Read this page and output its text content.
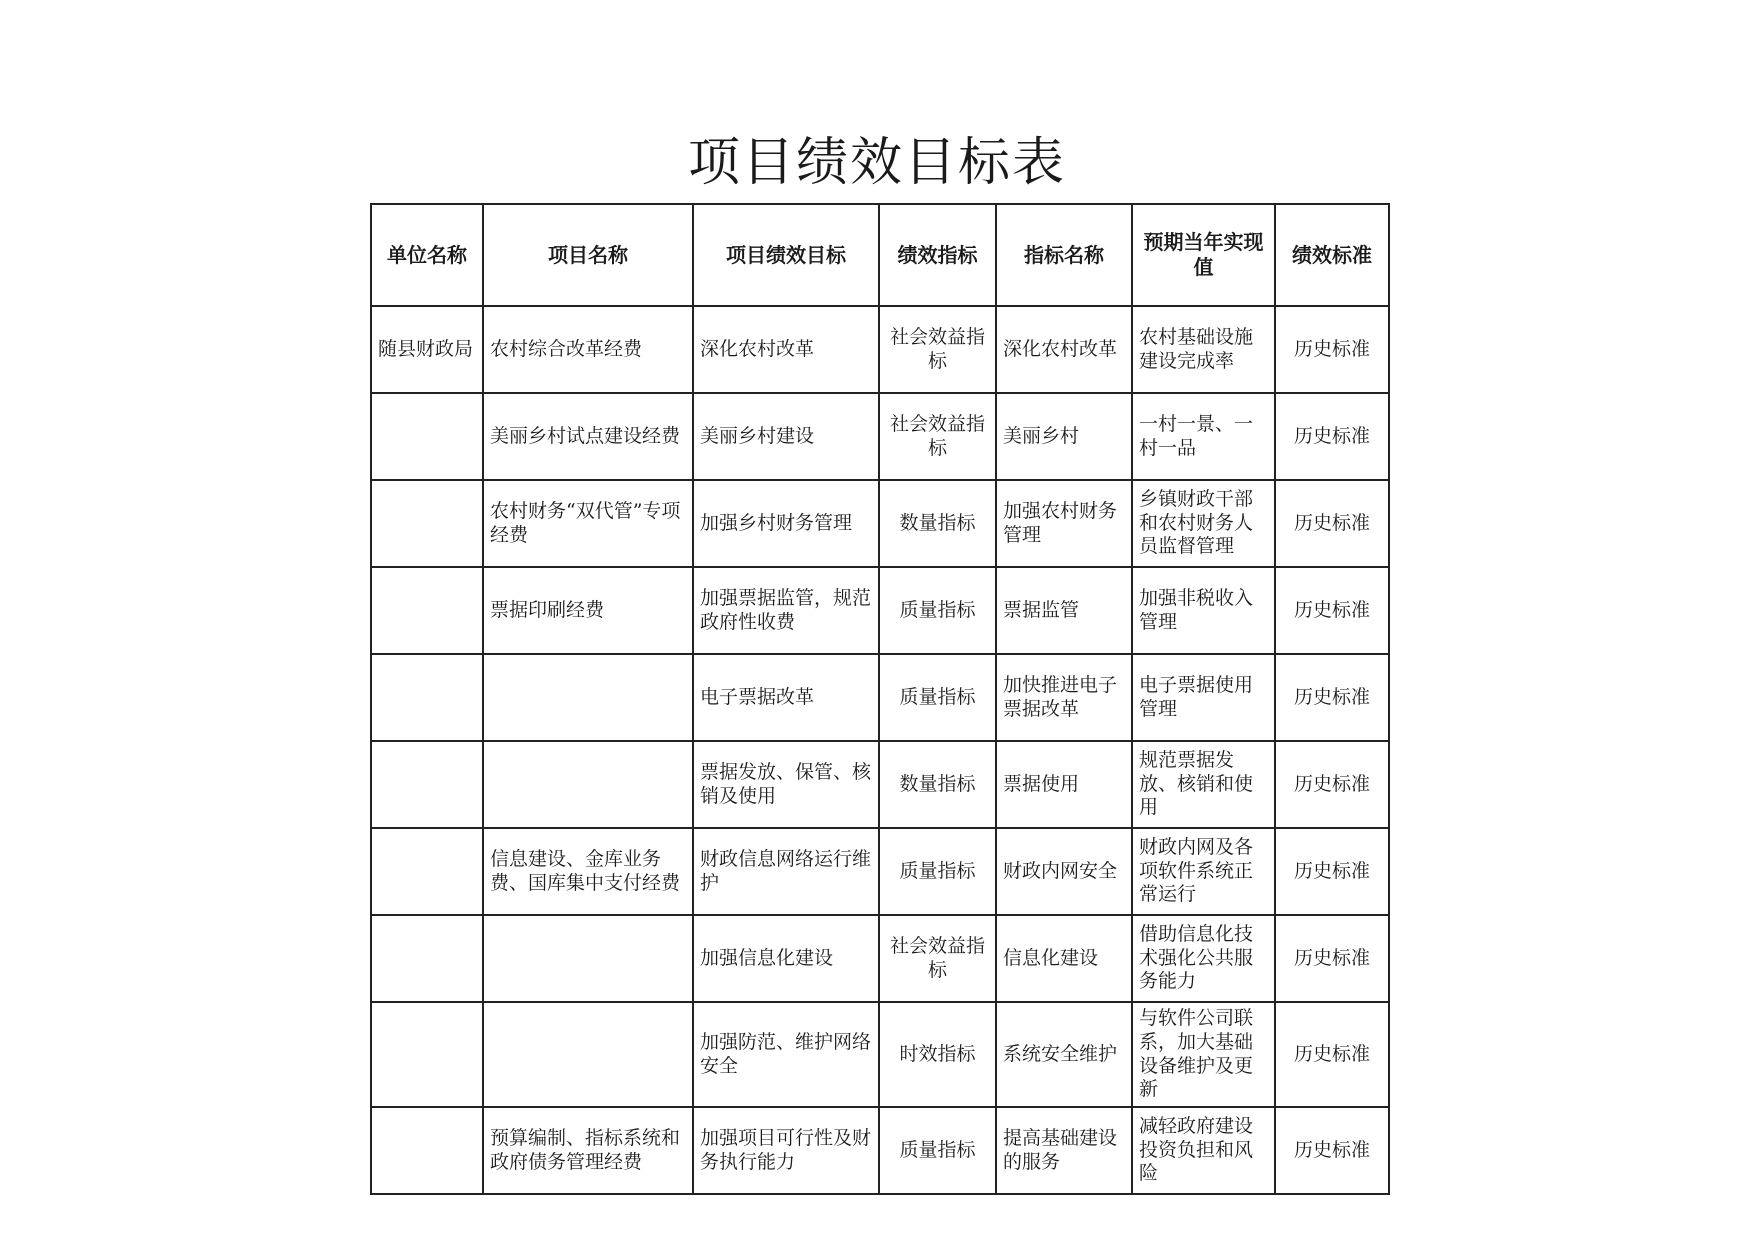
项目绩效目标表
单位名称	项目名称	项目绩效目标	绩效指标	指标名称	预期当年实现值	绩效标准
随县财政局	农村综合改革经费	深化农村改革	社会效益指标	深化农村改革	农村基础设施建设完成率	历史标准
	美丽乡村试点建设经费	美丽乡村建设	社会效益指标	美丽乡村	一村一景、一村一品	历史标准
	农村财务“双代管”专项经费	加强乡村财务管理	数量指标	加强农村财务管理	乡镇财政干部和农村财务人员监督管理	历史标准
	票据印刷经费	加强票据监管，规范政府性收费	质量指标	票据监管	加强非税收入管理	历史标准
		电子票据改革	质量指标	加快推进电子票据改革	电子票据使用管理	历史标准
		票据发放、保管、核销及使用	数量指标	票据使用	规范票据发放、核销和使用	历史标准
	信息建设、金库业务费、国库集中支付经费	财政信息网络运行维护	质量指标	财政内网安全	财政内网及各项软件系统正常运行	历史标准
		加强信息化建设	社会效益指标	信息化建设	借助信息化技术强化公共服务能力	历史标准
		加强防范、维护网络安全	时效指标	系统安全维护	与软件公司联系，加大基础设备维护及更新	历史标准
	预算编制、指标系统和政府债务管理经费	加强项目可行性及财务执行能力	质量指标	提高基础建设的服务	减轻政府建设投资负担和风险	历史标准
